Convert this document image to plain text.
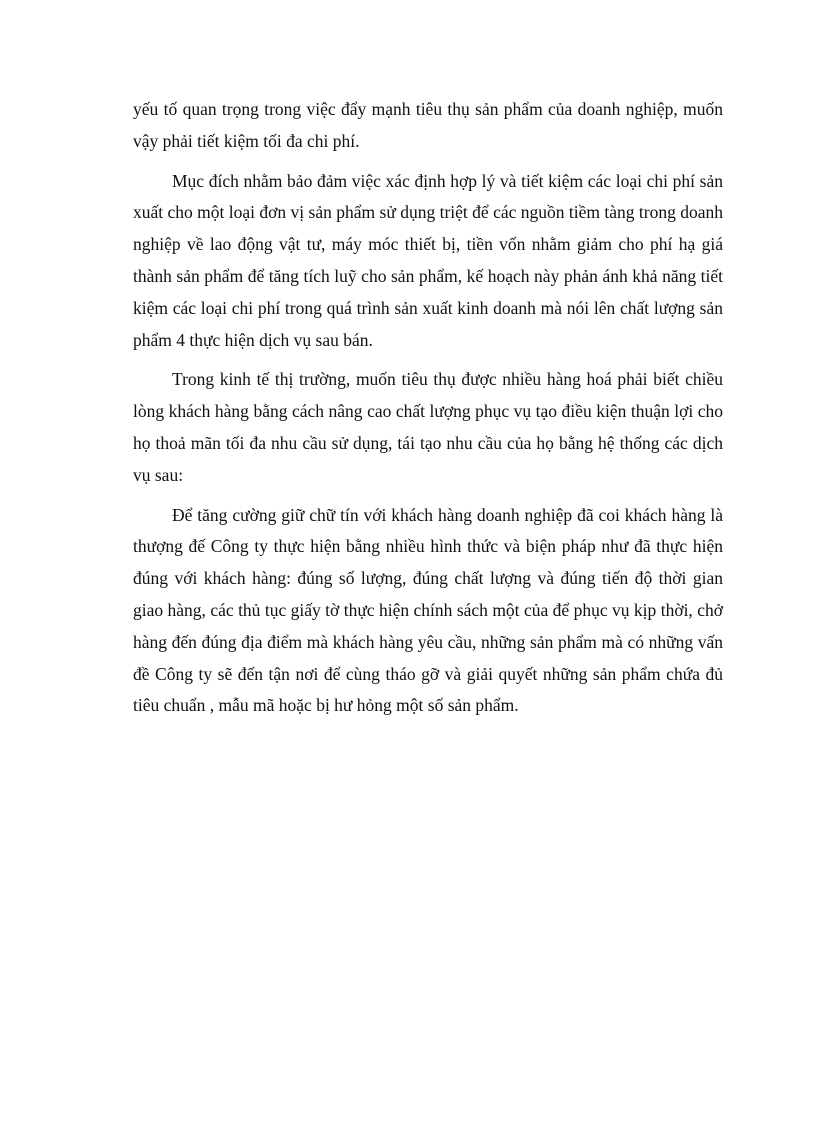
yếu tố quan trọng trong việc đẩy mạnh tiêu thụ sản phẩm của doanh nghiệp, muốn vậy phải tiết kiệm tối đa chi phí.

Mục đích nhằm bảo đảm việc xác định hợp lý và tiết kiệm các loại chi phí sản xuất cho một loại đơn vị sản phẩm sử dụng triệt để các nguồn tiềm tàng trong doanh nghiệp về lao động vật tư, máy móc thiết bị, tiền vốn nhằm giảm cho phí hạ giá thành sản phẩm để tăng tích luỹ cho sản phẩm, kế hoạch này phản ánh khả năng tiết kiệm các loại chi phí trong quá trình sản xuất kinh doanh mà nói lên chất lượng sản phẩm 4 thực hiện dịch vụ sau bán.

Trong kinh tế thị trường, muốn tiêu thụ được nhiều hàng hoá phải biết chiều lòng khách hàng bằng cách nâng cao chất lượng phục vụ tạo điều kiện thuận lợi cho họ thoả mãn tối đa nhu cầu sử dụng, tái tạo nhu cầu của họ bằng hệ thống các dịch vụ sau:

Để tăng cường giữ chữ tín với khách hàng doanh nghiệp đã coi khách hàng là thượng đế Công ty thực hiện bằng nhiều hình thức và biện pháp như đã thực hiện đúng với khách hàng: đúng số lượng, đúng chất lượng và đúng tiến độ thời gian giao hàng, các thủ tục giấy tờ thực hiện chính sách một của để phục vụ kịp thời, chở hàng đến đúng địa điểm mà khách hàng yêu cầu, những sản phẩm mà có những vấn đề Công ty sẽ đến tận nơi để cùng tháo gỡ và giải quyết những sản phẩm chứa đủ tiêu chuẩn , mẫu mã hoặc bị hư hỏng một số sản phẩm.
